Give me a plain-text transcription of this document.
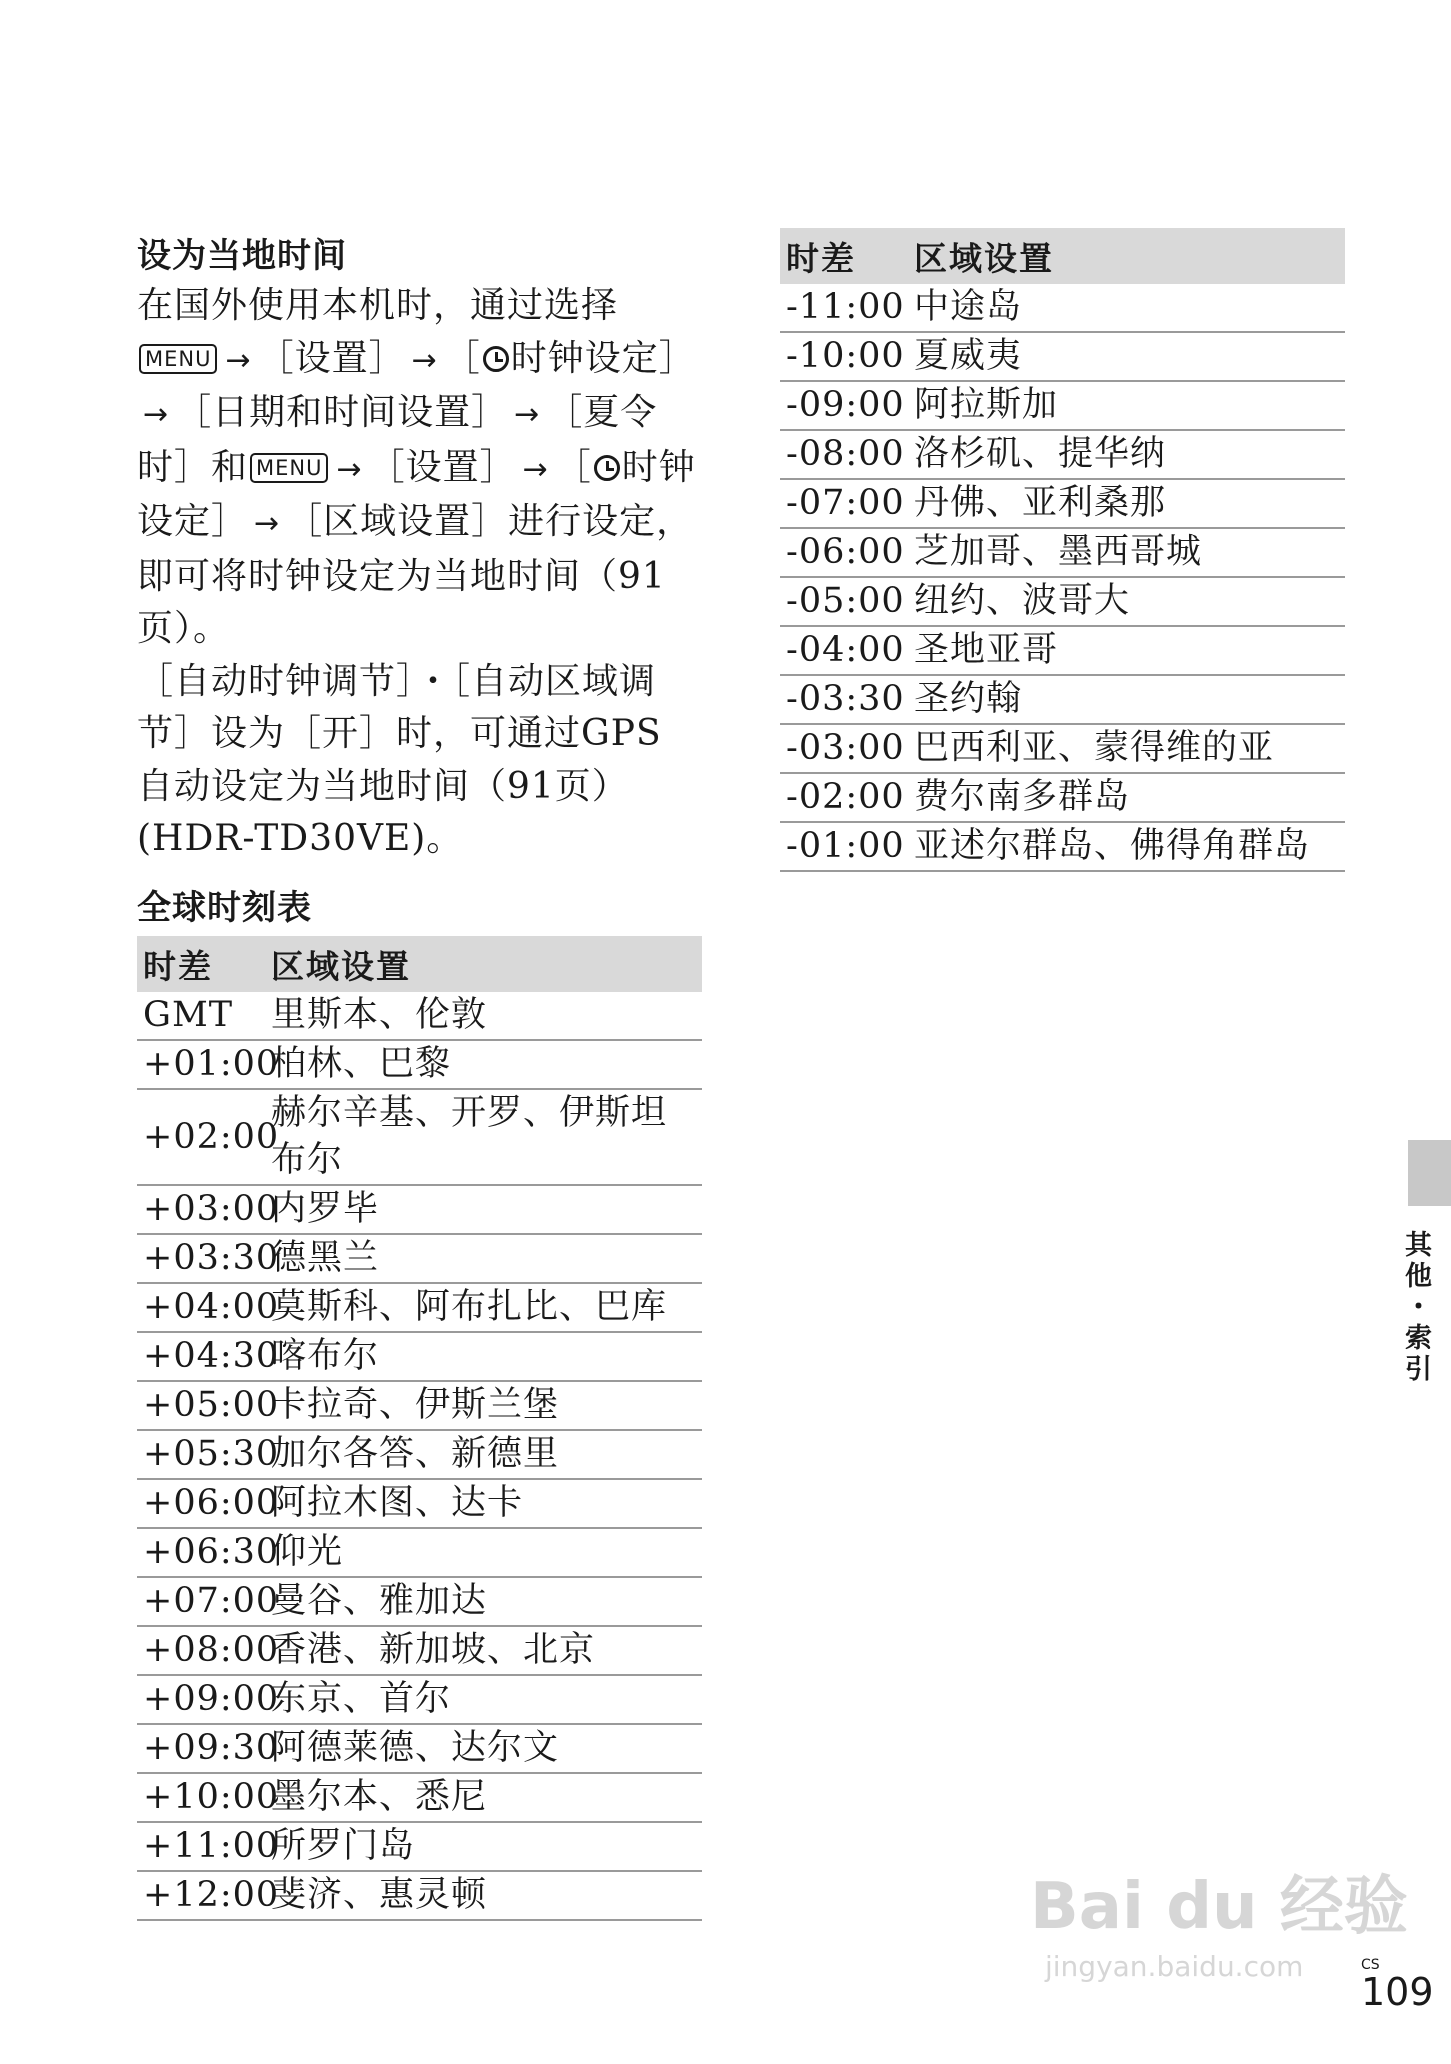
设为当地时间

在国外使用本机时，通过选择
MENU → ［设置］ → ［ 时钟设定］→ ［日期和时间设置］ → ［夏令时］和 MENU → ［设置］ → ［ 时钟设定］ → ［区域设置］进行设定，即可将时钟设定为当地时间（91页）。

［自动时钟调节］・［自动区域调节］设为［开］时，可通过GPS自动设定为当地时间（91页）(HDR-TD30VE)。

全球时刻表
时差	区域设置
GMT	里斯本、伦敦
+01:00	柏林、巴黎
+02:00	赫尔辛基、开罗、伊斯坦布尔
+03:00	内罗毕
+03:30	德黑兰
+04:00	莫斯科、阿布扎比、巴库
+04:30	喀布尔
+05:00	卡拉奇、伊斯兰堡
+05:30	加尔各答、新德里
+06:00	阿拉木图、达卡
+06:30	仰光
+07:00	曼谷、雅加达
+08:00	香港、新加坡、北京
+09:00	东京、首尔
+09:30	阿德莱德、达尔文
+10:00	墨尔本、悉尼
+11:00	所罗门岛
+12:00	斐济、惠灵顿
时差	区域设置
-11:00	中途岛
-10:00	夏威夷
-09:00	阿拉斯加
-08:00	洛杉矶、提华纳
-07:00	丹佛、亚利桑那
-06:00	芝加哥、墨西哥城
-05:00	纽约、波哥大
-04:00	圣地亚哥
-03:30	圣约翰
-03:00	巴西利亚、蒙得维的亚
-02:00	费尔南多群岛
-01:00	亚述尔群岛、佛得角群岛
其他・索引
Bai du 经验
jingyan.baidu.com	CS
109
